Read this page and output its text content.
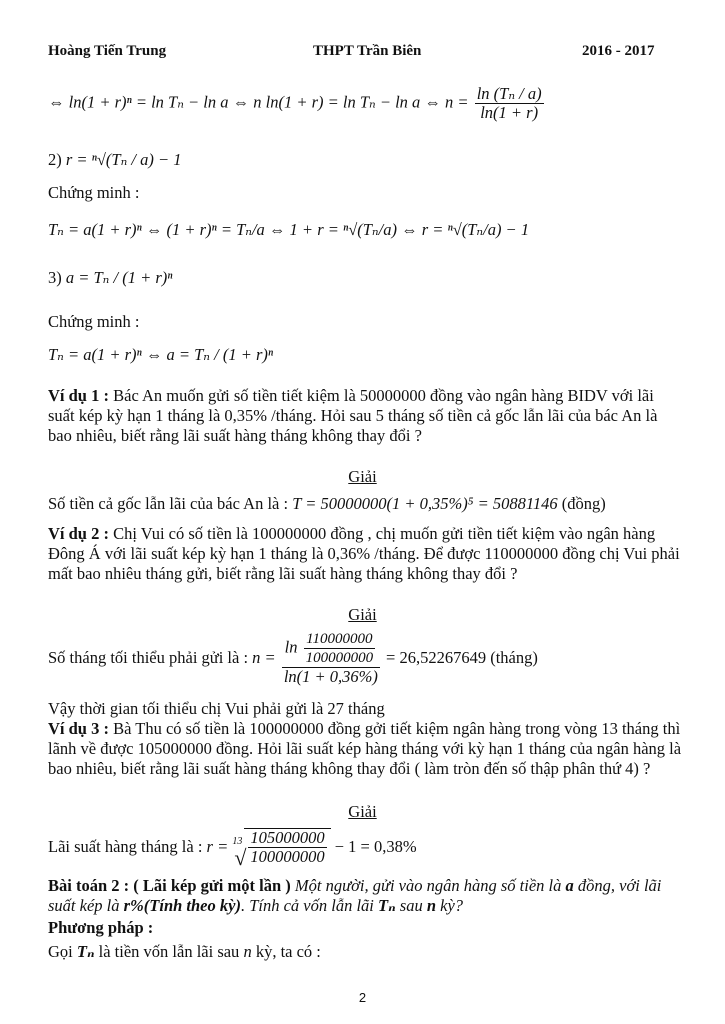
Hoàng Tiến Trung	THPT Trần Biên	2016 - 2017
⇔ ln(1 + r)ⁿ = ln Tₙ − ln a ⇔ n ln(1 + r) = ln Tₙ − ln a ⇔ $n = \frac{\text{ln (Tₙ / a)}}{\ln(1 + r)}$
2) r = ⁿ√(Tₙ / a) − 1
Chứng minh :
Tₙ = a(1 + r)ⁿ ⇔ (1 + r)ⁿ = Tₙ/a ⇔ 1 + r = ⁿ√(Tₙ/a) ⇔ r = ⁿ√(Tₙ/a) − 1
3) a = Tₙ / (1 + r)ⁿ
Chứng minh :
Tₙ = a(1 + r)ⁿ ⇔ a = Tₙ / (1 + r)ⁿ
Ví dụ 1 : Bác An muốn gửi số tiền tiết kiệm là 50000000 đồng vào ngân hàng BIDV với lãi suất kép kỳ hạn 1 tháng là 0,35% /tháng. Hỏi sau 5 tháng số tiền cả gốc lẫn lãi của bác An là bao nhiêu, biết rằng lãi suất hàng tháng không thay đổi ?
Giải
Số tiền cả gốc lẫn lãi của bác An là : T = 50000000(1 + 0,35%)⁵ = 50881146 (đồng)
Ví dụ 2 : Chị Vui có số tiền là 100000000 đồng , chị muốn gửi tiền tiết kiệm vào ngân hàng Đông Á với lãi suất kép kỳ hạn 1 tháng là 0,36% /tháng. Để được 110000000 đồng chị Vui phải mất bao nhiêu tháng gửi, biết rằng lãi suất hàng tháng không thay đổi ?
Giải
Số tháng tối thiểu phải gửi là : $n = \frac{\ln \frac{110000000}{100000000}}{\ln(1 + 0,36\%)} = 26,52267649$ (tháng)
Vậy thời gian tối thiểu chị Vui phải gửi là 27 tháng
Ví dụ 3 : Bà Thu có số tiền là 100000000 đồng gởi tiết kiệm ngân hàng trong vòng 13 tháng thì lãnh về được 105000000 đồng. Hỏi lãi suất kép hàng tháng với kỳ hạn 1 tháng của ngân hàng là bao nhiêu, biết rằng lãi suất hàng tháng không thay đổi ( làm tròn đến số thập phân thứ 4) ?
Giải
Lãi suất hàng tháng là : r =
√ $13 \frac{105000000}{100000000} - 1 = 0,38\%$
Bài toán 2 : ( Lãi kép gửi một lần ) Một người, gửi vào ngân hàng số tiền là a đồng, với lãi suất kép là r%(Tính theo kỳ). Tính cả vốn lẫn lãi Tₙ sau n kỳ?
Phương pháp :
Gọi Tₙ là tiền vốn lẫn lãi sau n kỳ, ta có :
2
